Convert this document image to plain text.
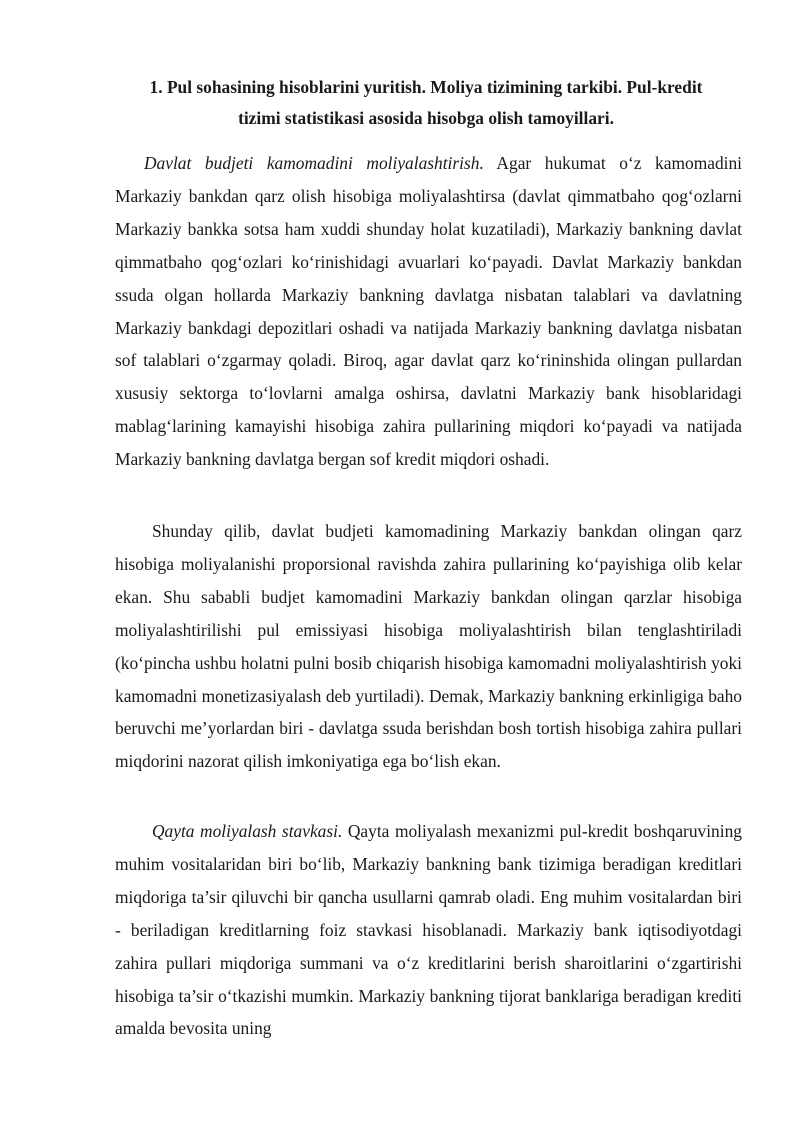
1. Pul sohasining hisoblarini yuritish. Moliya tizimining tarkibi. Pul-kredit
tizimi statistikasi asosida hisobga olish tamoyillari.

Davlat budjeti kamomadini moliyalashtirish. Agar hukumat o‘z kamomadini Markaziy bankdan qarz olish hisobiga moliyalashtirsa (davlat qimmatbaho qog‘ozlarni Markaziy bankka sotsa ham xuddi shunday holat kuzatiladi), Markaziy bankning davlat qimmatbaho qog‘ozlari ko‘rinishidagi avuarlari ko‘payadi. Davlat Markaziy bankdan ssuda olgan hollarda Markaziy bankning davlatga nisbatan talablari va davlatning Markaziy bankdagi depozitlari oshadi va natijada Markaziy bankning davlatga nisbatan sof talablari o‘zgarmay qoladi. Biroq, agar davlat qarz ko‘rininshida olingan pullardan xususiy sektorga to‘lovlarni amalga oshirsa, davlatni Markaziy bank hisoblaridagi mablag‘larining kamayishi hisobiga zahira pullarining miqdori ko‘payadi va natijada Markaziy bankning davlatga bergan sof kredit miqdori oshadi.

Shunday qilib, davlat budjeti kamomadining Markaziy bankdan olingan qarz hisobiga moliyalanishi proporsional ravishda zahira pullarining ko‘payishiga olib kelar ekan. Shu sababli budjet kamomadini Markaziy bankdan olingan qarzlar hisobiga moliyalashtirilishi pul emissiyasi hisobiga moliyalashtirish bilan tenglashtiriladi (ko‘pincha ushbu holatni pulni bosib chiqarish hisobiga kamomadni moliyalashtirish yoki kamomadni monetizasiyalash deb yurtiladi). Demak, Markaziy bankning erkinligiga baho beruvchi me’yorlardan biri - davlatga ssuda berishdan bosh tortish hisobiga zahira pullari miqdorini nazorat qilish imkoniyatiga ega bo‘lish ekan.

Qayta moliyalash stavkasi. Qayta moliyalash mexanizmi pul-kredit boshqaruvining muhim vositalaridan biri bo‘lib, Markaziy bankning bank tizimiga beradigan kreditlari miqdoriga ta’sir qiluvchi bir qancha usullarni qamrab oladi. Eng muhim vositalardan biri - beriladigan kreditlarning foiz stavkasi hisoblanadi. Markaziy bank iqtisodiyotdagi zahira pullari miqdoriga summani va o‘z kreditlarini berish sharoitlarini o‘zgartirishi hisobiga ta’sir o‘tkazishi mumkin. Markaziy bankning tijorat banklariga beradigan krediti amalda bevosita uning
